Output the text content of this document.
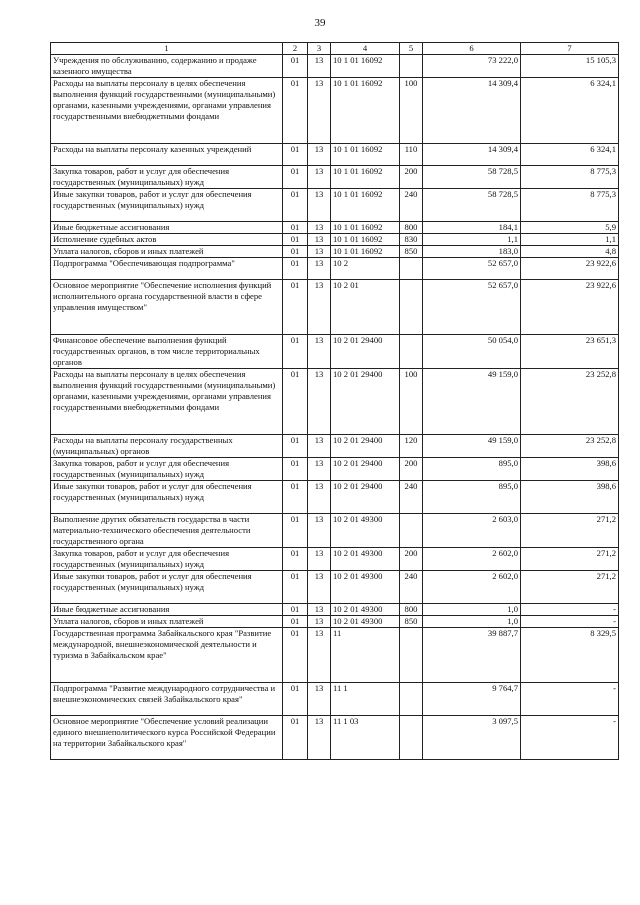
39
1	2	3	4	5	6	7
Учреждения по обслуживанию, содержанию и продаже казенного имущества	01	13	10 1 01 16092		73 222,0	15 105,3
Расходы на выплаты персоналу в целях обеспечения выполнения функций государственными (муниципальными) органами, казенными учреждениями, органами управления государственными внебюджетными фондами	01	13	10 1 01 16092	100	14 309,4	6 324,1
Расходы на выплаты персоналу казенных учреждений	01	13	10 1 01 16092	110	14 309,4	6 324,1
Закупка товаров, работ и услуг для обеспечения государственных (муниципальных) нужд	01	13	10 1 01 16092	200	58 728,5	8 775,3
Иные закупки товаров, работ и услуг для обеспечения государственных (муниципальных) нужд	01	13	10 1 01 16092	240	58 728,5	8 775,3
Иные бюджетные ассигнования	01	13	10 1 01 16092	800	184,1	5,9
Исполнение судебных актов	01	13	10 1 01 16092	830	1,1	1,1
Уплата налогов, сборов и иных платежей	01	13	10 1 01 16092	850	183,0	4,8
Подпрограмма "Обеспечивающая подпрограмма"	01	13	10 2		52 657,0	23 922,6
Основное мероприятие "Обеспечение исполнения функций исполнительного органа государственной власти в сфере управления имуществом"	01	13	10 2 01		52 657,0	23 922,6
Финансовое обеспечение выполнения функций государственных органов, в том числе территориальных органов	01	13	10 2 01 29400		50 054,0	23 651,3
Расходы на выплаты персоналу в целях обеспечения выполнения функций государственными (муниципальными) органами, казенными учреждениями, органами управления государственными внебюджетными фондами	01	13	10 2 01 29400	100	49 159,0	23 252,8
Расходы на выплаты персоналу государственных (муниципальных) органов	01	13	10 2 01 29400	120	49 159,0	23 252,8
Закупка товаров, работ и услуг для обеспечения государственных (муниципальных) нужд	01	13	10 2 01 29400	200	895,0	398,6
Иные закупки товаров, работ и услуг для обеспечения государственных (муниципальных) нужд	01	13	10 2 01 29400	240	895,0	398,6
Выполнение других обязательств государства в части материально-технического обеспечения деятельности государственного органа	01	13	10 2 01 49300		2 603,0	271,2
Закупка товаров, работ и услуг для обеспечения государственных (муниципальных) нужд	01	13	10 2 01 49300	200	2 602,0	271,2
Иные закупки товаров, работ и услуг для обеспечения государственных (муниципальных) нужд	01	13	10 2 01 49300	240	2 602,0	271,2
Иные бюджетные ассигнования	01	13	10 2 01 49300	800	1,0	-
Уплата налогов, сборов и иных платежей	01	13	10 2 01 49300	850	1,0	-
Государственная программа Забайкальского края "Развитие международной, внешнеэкономической деятельности и туризма в Забайкальском крае"	01	13	11		39 887,7	8 329,5
Подпрограмма "Развитие международного сотрудничества и внешнеэкономических связей Забайкальского края"	01	13	11 1		9 764,7	-
Основное мероприятие "Обеспечение условий реализации единого внешнеполитического курса Российской Федерации на территории Забайкальского края"	01	13	11 1 03		3 097,5	-
